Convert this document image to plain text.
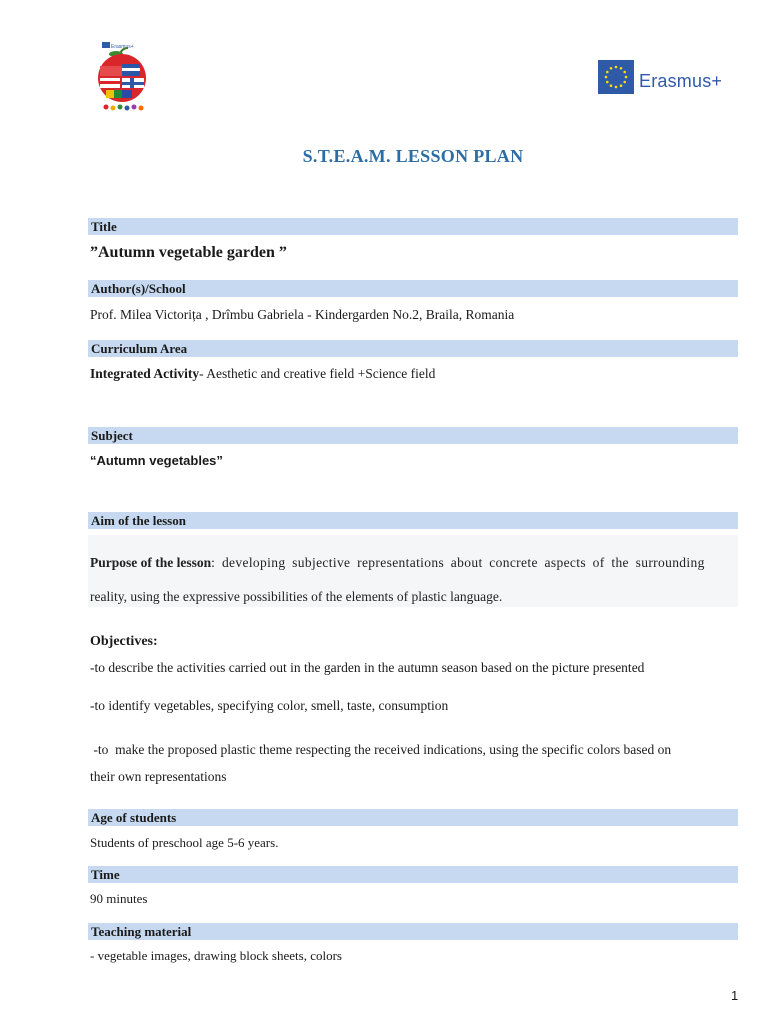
Erasmus+
Erasmus+
S.T.E.A.M. LESSON PLAN
Title
”Autumn vegetable garden ”
Author(s)/School
Prof. Milea Victorița , Drîmbu Gabriela - Kindergarden No.2, Braila, Romania
Curriculum Area
Integrated Activity- Aesthetic and creative field +Science field
Subject
“Autumn vegetables”
Aim of the lesson
Purpose of the lesson: developing subjective representations about concrete aspects of the surrounding
reality, using the expressive possibilities of the elements of plastic language.
Objectives:
-to describe the activities carried out in the garden in the autumn season based on the picture presented
-to identify vegetables, specifying color, smell, taste, consumption
-to  make the proposed plastic theme respecting the received indications, using the specific colors based on
their own representations
Age of students
Students of preschool age 5-6 years.
Time
90 minutes
Teaching material
- vegetable images, drawing block sheets, colors
1
